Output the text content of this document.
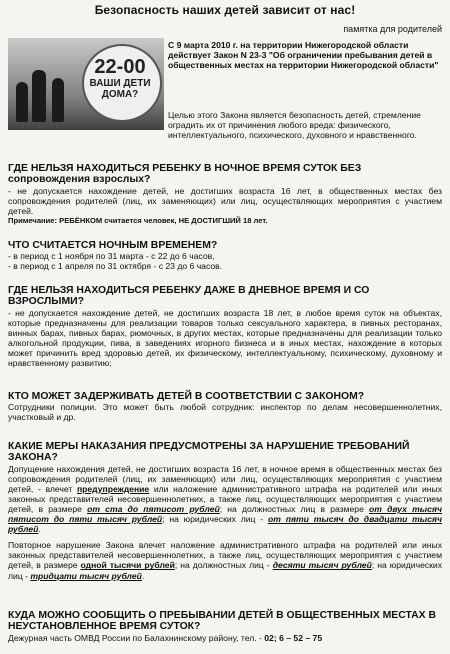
Безопасность наших детей зависит от нас!
памятка для родителей
22-00
ВАШИ ДЕТИ ДОМА?

С 9 марта 2010 г. на территории Нижегородской области действует Закон N 23-3 "Об ограничении пребывания детей в общественных местах на территории Нижегородской области"

Целью этого Закона является безопасность детей, стремление оградить их от причинения любого вреда: физического, интеллектуального, психического, духовного и нравственного.

ГДЕ НЕЛЬЗЯ НАХОДИТЬСЯ РЕБЕНКУ В НОЧНОЕ ВРЕМЯ СУТОК БЕЗ сопровождения взрослых?

- не допускается нахождение детей, не достигших возраста 16 лет, в общественных местах без сопровождения родителей (лиц, их заменяющих) или лиц, осуществляющих мероприятия с участием детей.

Примечание: РЕБЁНКОМ считается человек, НЕ ДОСТИГШИЙ 18 лет.

ЧТО СЧИТАЕТСЯ НОЧНЫМ ВРЕМЕНЕМ?

- в период с 1 ноября по 31 марта - с 22 до 6 часов,

- в период с 1 апреля по 31 октября - с 23 до 6 часов.

ГДЕ НЕЛЬЗЯ НАХОДИТЬСЯ РЕБЕНКУ ДАЖЕ В ДНЕВНОЕ ВРЕМЯ И СО ВЗРОСЛЫМИ?

- не допускается нахождение детей, не достигших возраста 18 лет, в любое время суток на объектах, которые предназначены для реализации товаров только сексуального характера, в пивных ресторанах, винных барах, пивных барах, рюмочных, в других местах, которые предназначены для реализации только алкогольной продукции, пива, в заведениях игорного бизнеса и в иных местах, нахождение в которых может причинить вред здоровью детей, их физическому, интеллектуальному, психическому, духовному и нравственному развитию;

КТО МОЖЕТ ЗАДЕРЖИВАТЬ ДЕТЕЙ В СООТВЕТСТВИИ С ЗАКОНОМ?

Сотрудники полиции. Это может быть любой сотрудник: инспектор по делам несовершеннолетних, участковый и др.

КАКИЕ МЕРЫ НАКАЗАНИЯ ПРЕДУСМОТРЕНЫ ЗА НАРУШЕНИЕ ТРЕБОВАНИЙ ЗАКОНА?

Допущение нахождения детей, не достигших возраста 16 лет, в ночное время в общественных местах без сопровождения родителей (лиц, их заменяющих) или лиц, осуществляющих мероприятия с участием детей, - влечет предупреждение или наложение административного штрафа на родителей или иных законных представителей несовершеннолетних, а также лиц, осуществляющих мероприятия с участием детей, в размере от ста до пятисот рублей; на должностных лиц в размере от двух тысяч пятисот до пяти тысяч рублей; на юридических лиц - от пяти тысяч до двадцати тысяч рублей.

Повторное нарушение Закона влечет наложение административного штрафа на родителей или иных законных представителей несовершеннолетних, а также лиц, осуществляющих мероприятия с участием детей, в размере одной тысячи рублей; на должностных лиц - десяти тысяч рублей; на юридических лиц - тридцати тысяч рублей.

КУДА МОЖНО СООБЩИТЬ О ПРЕБЫВАНИИ ДЕТЕЙ В ОБЩЕСТВЕННЫХ МЕСТАХ В НЕУСТАНОВЛЕННОЕ ВРЕМЯ СУТОК?

Дежурная часть ОМВД России по Балахнинскому району, тел. - 02; 6 – 52 – 75
